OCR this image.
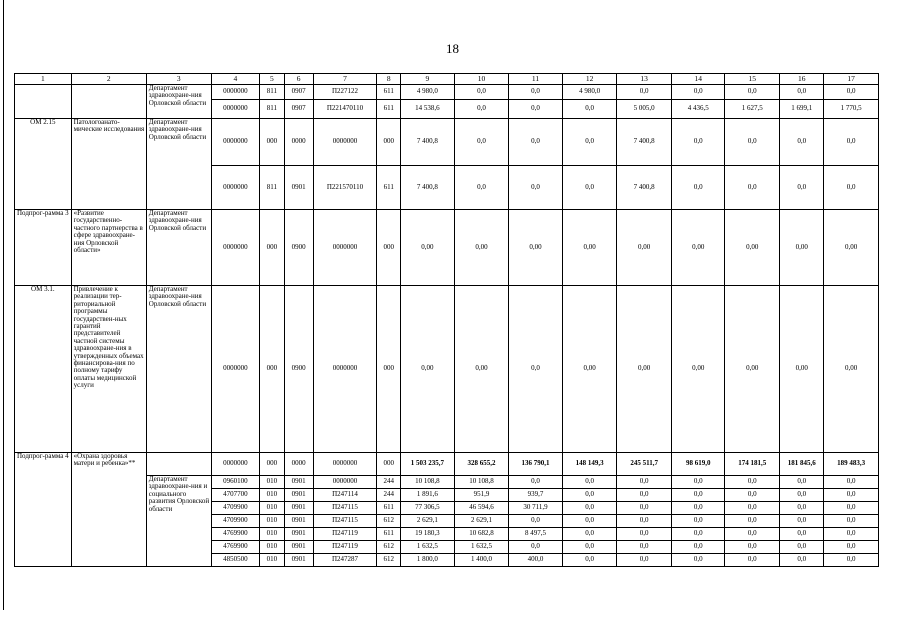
18
1	2	3	4	5	6	7	8	9	10	11	12	13	14	15	16	17
		Департамент здравоохране-ния Орловской области	0000000	811	0907	П227122	611	4 980,0	0,0	0,0	4 980,0	0,0	0,0	0,0	0,0	0,0
			0000000	811	0907	П221470110	611	14 538,6	0,0	0,0	0,0	5 005,0	4 436,5	1 627,5	1 699,1	1 770,5
ОМ 2.15	Патологоанато-мические исследования	Департамент здравоохране-ния Орловской области	0000000	000	0000	0000000	000	7 400,8	0,0	0,0	0,0	7 400,8	0,0	0,0	0,0	0,0
			0000000	811	0901	П221570110	611	7 400,8	0,0	0,0	0,0	7 400,8	0,0	0,0	0,0	0,0
Подпрог-рамма 3	«Развитие государственно-частного партнерства в сфере здравоохране-ния Орловской области»	Департамент здравоохране-ния Орловской области	0000000	000	0900	0000000	000	0,00	0,00	0,00	0,00	0,00	0,00	0,00	0,00	0,00
ОМ 3.1.	Привлечение к реализации тер-риториальной программы государствен-ных гарантий представителей частной системы здравоохране-ния в утвержденных объемах финансирова-ния по полному тарифу оплаты медицинской услуги	Департамент здравоохране-ния Орловской области	0000000	000	0900	0000000	000	0,00	0,00	0,0	0,00	0,00	0,00	0,00	0,00	0,00
Подпрог-рамма 4	«Охрана здоровья матери и ребенка»**		0000000	000	0000	0000000	000	1 503 235,7	328 655,2	136 790,1	148 149,3	245 511,7	98 619,0	174 181,5	181 845,6	189 483,3
		Департамент здравоохране-ния и социального развития Орловской области	0960100	010	0901	0000000	244	10 108,8	10 108,8	0,0	0,0	0,0	0,0	0,0	0,0	0,0
			4707700	010	0901	П247114	244	1 891,6	951,9	939,7	0,0	0,0	0,0	0,0	0,0	0,0
			4709900	010	0901	П247115	611	77 306,5	46 594,6	30 711,9	0,0	0,0	0,0	0,0	0,0	0,0
			4709900	010	0901	П247115	612	2 629,1	2 629,1	0,0	0,0	0,0	0,0	0,0	0,0	0,0
			4769900	010	0901	П247119	611	19 180,3	10 682,8	8 497,5	0,0	0,0	0,0	0,0	0,0	0,0
			4769900	010	0901	П247119	612	1 632,5	1 632,5	0,0	0,0	0,0	0,0	0,0	0,0	0,0
			4850500	010	0901	П247287	612	1 800,0	1 400,0	400,0	0,0	0,0	0,0	0,0	0,0	0,0
